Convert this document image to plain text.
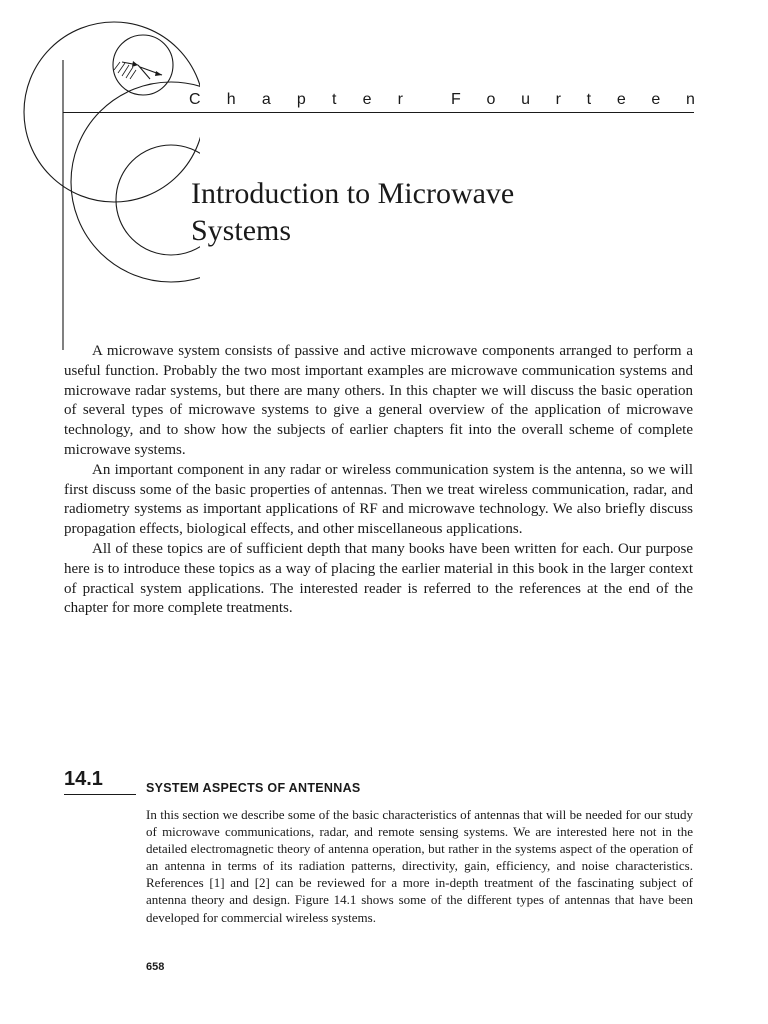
C h a p t e r	F o u r t e e n
Introduction to Microwave
Systems

A microwave system consists of passive and active microwave components arranged to perform a useful function. Probably the two most important examples are microwave communication systems and microwave radar systems, but there are many others. In this chapter we will discuss the basic operation of several types of microwave systems to give a general overview of the application of microwave technology, and to show how the subjects of earlier chapters fit into the overall scheme of complete microwave systems.

An important component in any radar or wireless communication system is the antenna, so we will first discuss some of the basic properties of antennas. Then we treat wireless communication, radar, and radiometry systems as important applications of RF and microwave technology. We also briefly discuss propagation effects, biological effects, and other miscellaneous applications.

All of these topics are of sufficient depth that many books have been written for each. Our purpose here is to introduce these topics as a way of placing the earlier material in this book in the larger context of practical system applications. The interested reader is referred to the references at the end of the chapter for more complete treatments.

14.1	SYSTEM ASPECTS OF ANTENNAS

In this section we describe some of the basic characteristics of antennas that will be needed for our study of microwave communications, radar, and remote sensing systems. We are interested here not in the detailed electromagnetic theory of antenna operation, but rather in the systems aspect of the operation of an antenna in terms of its radiation patterns, directivity, gain, efficiency, and noise characteristics. References [1] and [2] can be reviewed for a more in-depth treatment of the fascinating subject of antenna theory and design. Figure 14.1 shows some of the different types of antennas that have been developed for commercial wireless systems.

658
